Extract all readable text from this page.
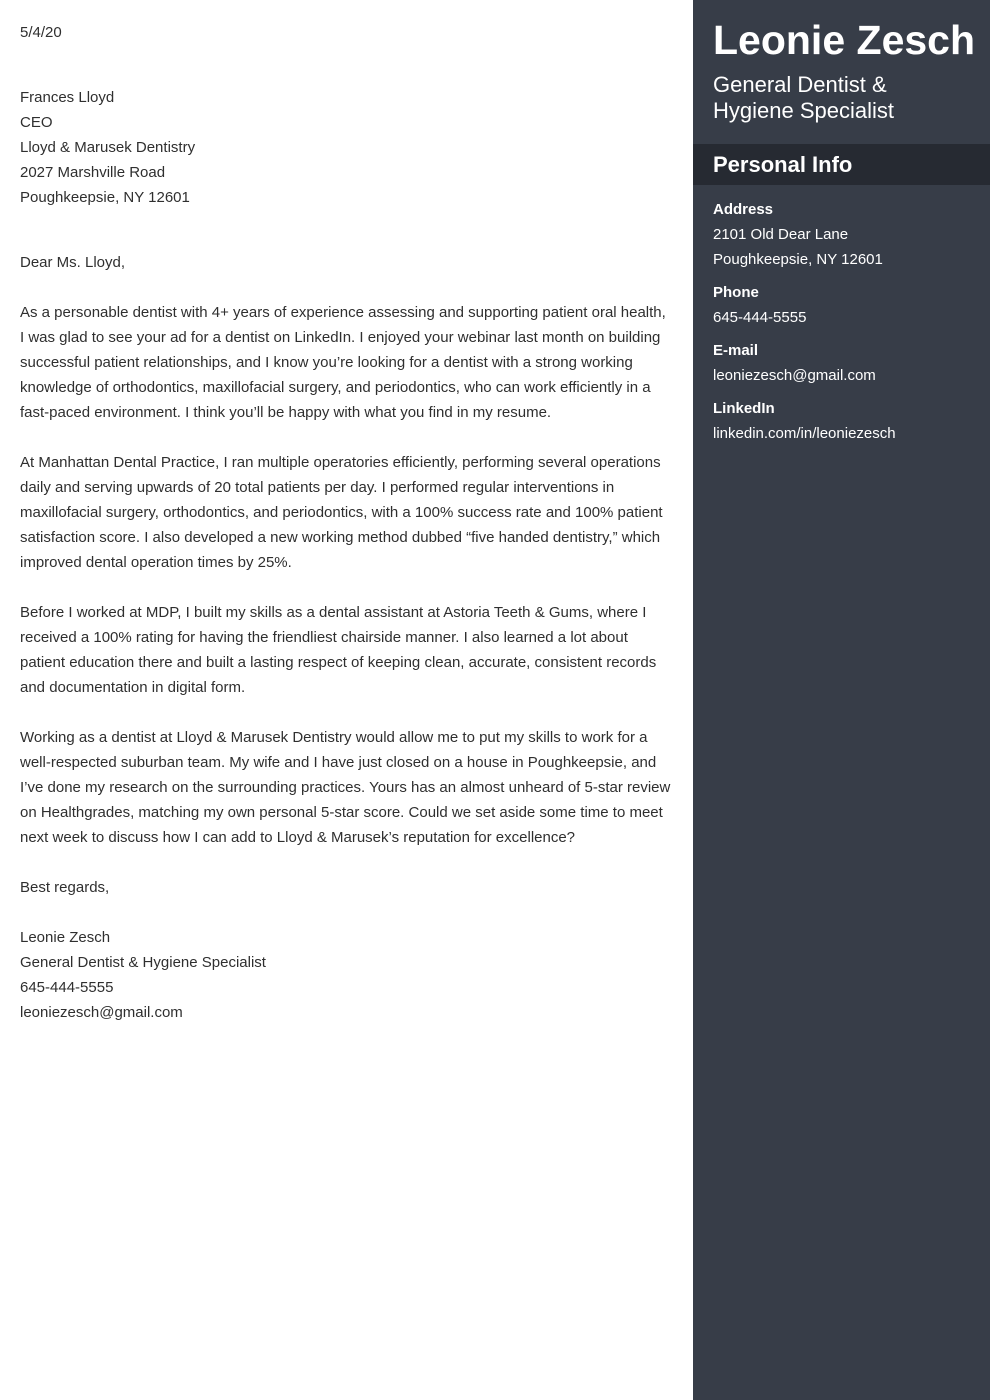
5/4/20

Frances Lloyd
CEO
Lloyd & Marusek Dentistry
2027 Marshville Road
Poughkeepsie, NY 12601

Dear Ms. Lloyd,

As a personable dentist with 4+ years of experience assessing and supporting patient oral health, I was glad to see your ad for a dentist on LinkedIn. I enjoyed your webinar last month on building successful patient relationships, and I know you’re looking for a dentist with a strong working knowledge of orthodontics, maxillofacial surgery, and periodontics, who can work efficiently in a fast-paced environment. I think you’ll be happy with what you find in my resume.

At Manhattan Dental Practice, I ran multiple operatories efficiently, performing several operations daily and serving upwards of 20 total patients per day. I performed regular interventions in maxillofacial surgery, orthodontics, and periodontics, with a 100% success rate and 100% patient satisfaction score. I also developed a new working method dubbed “five handed dentistry,” which improved dental operation times by 25%.

Before I worked at MDP, I built my skills as a dental assistant at Astoria Teeth & Gums, where I received a 100% rating for having the friendliest chairside manner. I also learned a lot about patient education there and built a lasting respect of keeping clean, accurate, consistent records and documentation in digital form.

Working as a dentist at Lloyd & Marusek Dentistry would allow me to put my skills to work for a well-respected suburban team. My wife and I have just closed on a house in Poughkeepsie, and I’ve done my research on the surrounding practices. Yours has an almost unheard of 5-star review on Healthgrades, matching my own personal 5-star score. Could we set aside some time to meet next week to discuss how I can add to Lloyd & Marusek’s reputation for excellence?

Best regards,

Leonie Zesch
General Dentist & Hygiene Specialist
645-444-5555
leoniezesch@gmail.com
Leonie Zesch
General Dentist &
Hygiene Specialist
Personal Info
Address
2101 Old Dear Lane
Poughkeepsie, NY 12601
Phone
645-444-5555
E-mail
leoniezesch@gmail.com
LinkedIn
linkedin.com/in/leoniezesch
